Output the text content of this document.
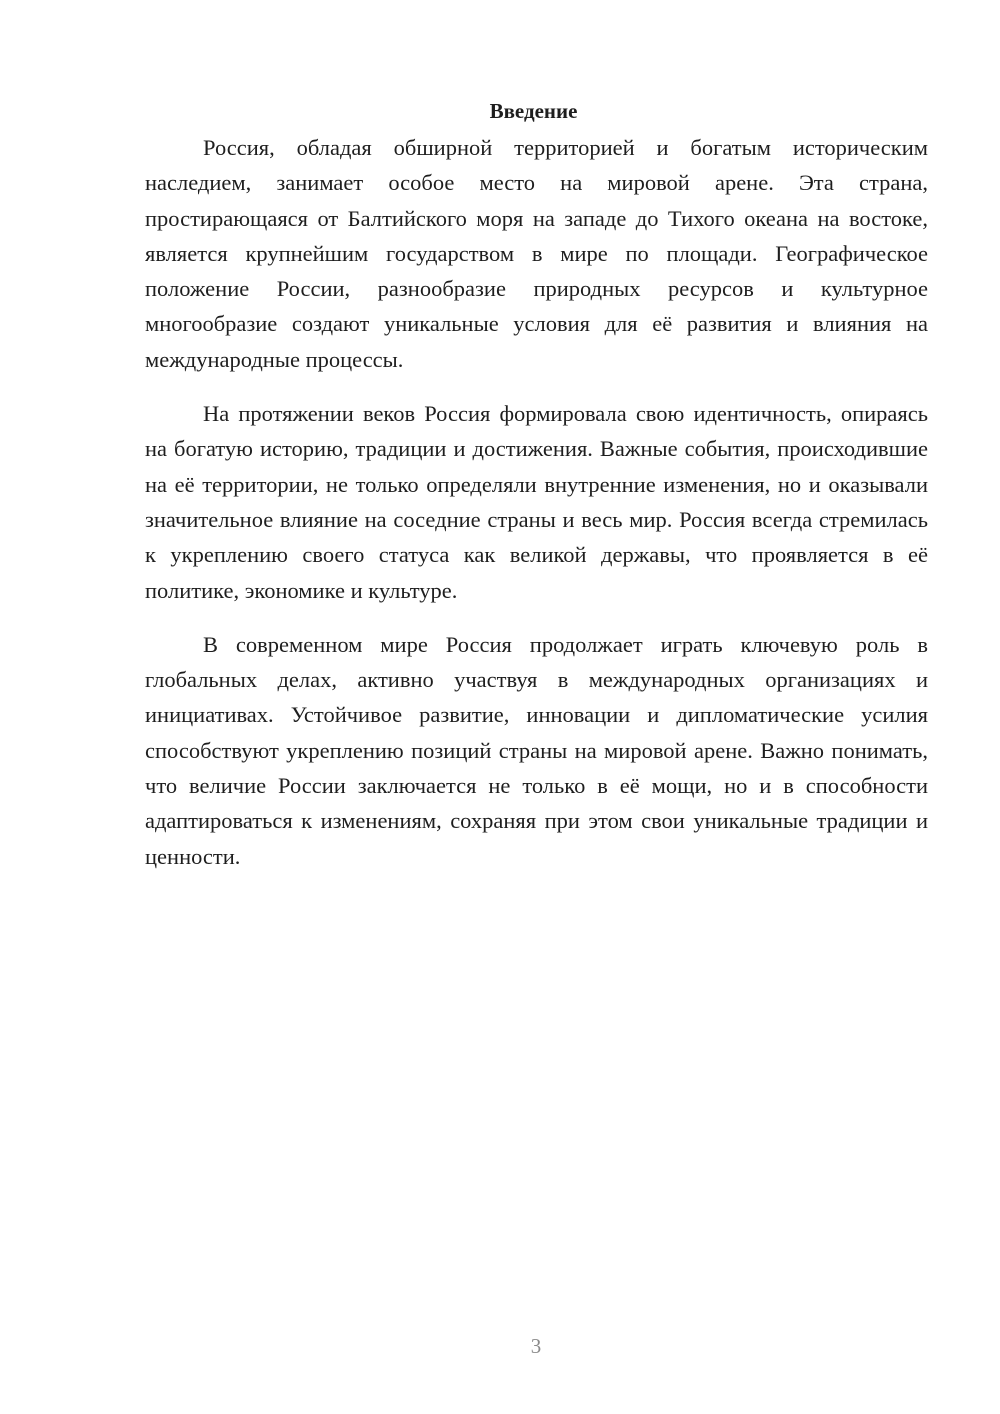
Введение

Россия, обладая обширной территорией и богатым историческим наследием, занимает особое место на мировой арене. Эта страна, простирающаяся от Балтийского моря на западе до Тихого океана на востоке, является крупнейшим государством в мире по площади. Географическое положение России, разнообразие природных ресурсов и культурное многообразие создают уникальные условия для её развития и влияния на международные процессы.

На протяжении веков Россия формировала свою идентичность, опираясь на богатую историю, традиции и достижения. Важные события, происходившие на её территории, не только определяли внутренние изменения, но и оказывали значительное влияние на соседние страны и весь мир. Россия всегда стремилась к укреплению своего статуса как великой державы, что проявляется в её политике, экономике и культуре.

В современном мире Россия продолжает играть ключевую роль в глобальных делах, активно участвуя в международных организациях и инициативах. Устойчивое развитие, инновации и дипломатические усилия способствуют укреплению позиций страны на мировой арене. Важно понимать, что величие России заключается не только в её мощи, но и в способности адаптироваться к изменениям, сохраняя при этом свои уникальные традиции и ценности.

3
